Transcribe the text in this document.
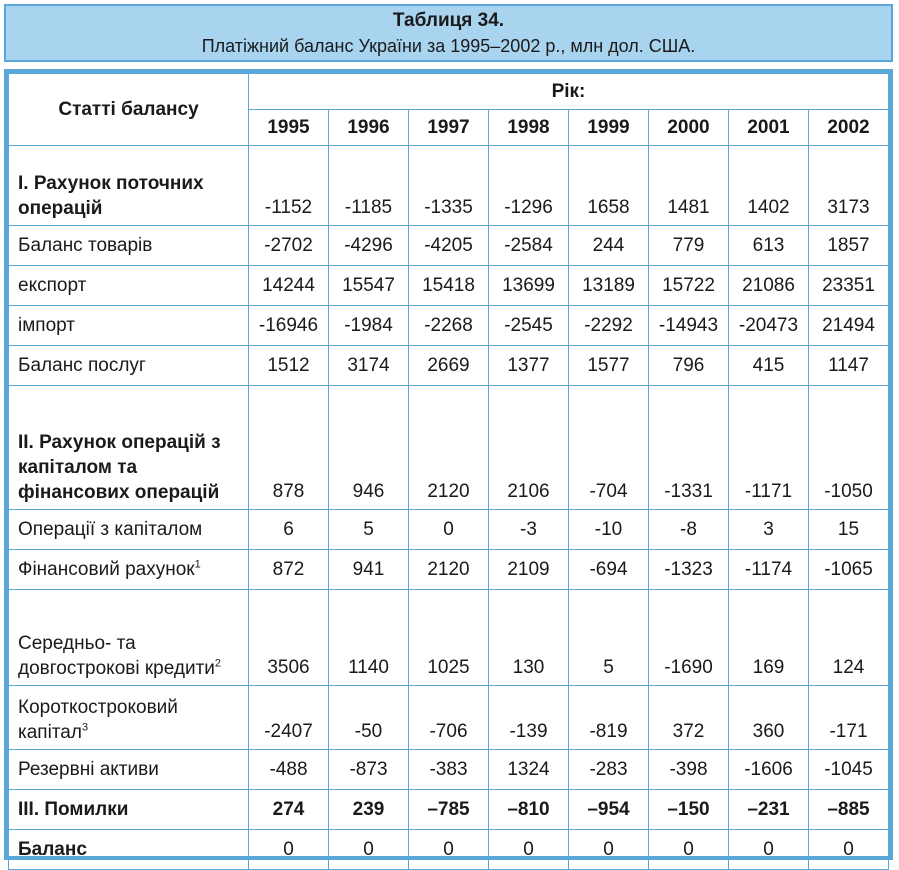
Таблиця 34.
Платіжний баланс України за 1995–2002 р., млн дол. США.
Статті балансу	Рік:							
	1995	1996	1997	1998	1999	2000	2001	2002
I. Рахунок поточних операцій	-1152	-1185	-1335	-1296	1658	1481	1402	3173
Баланс товарів	-2702	-4296	-4205	-2584	244	779	613	1857
експорт	14244	15547	15418	13699	13189	15722	21086	23351
імпорт	-16946	-1984	-2268	-2545	-2292	-14943	-20473	21494
Баланс послуг	1512	3174	2669	1377	1577	796	415	1147
II. Рахунок операцій з капіталом та фінансових операцій	878	946	2120	2106	-704	-1331	-1171	-1050
Операції з капіталом	6	5	0	-3	-10	-8	3	15
Фінансовий рахунок$^1$	872	941	2120	2109	-694	-1323	-1174	-1065
Середньо- та довгострокові кредити$^2$	3506	1140	1025	130	5	-1690	169	124
Короткостроковий капітал$^3$	-2407	-50	-706	-139	-819	372	360	-171
Резервні активи	-488	-873	-383	1324	-283	-398	-1606	-1045
III. Помилки	274	239	–785	–810	–954	–150	–231	–885
Баланс	0	0	0	0	0	0	0	0
